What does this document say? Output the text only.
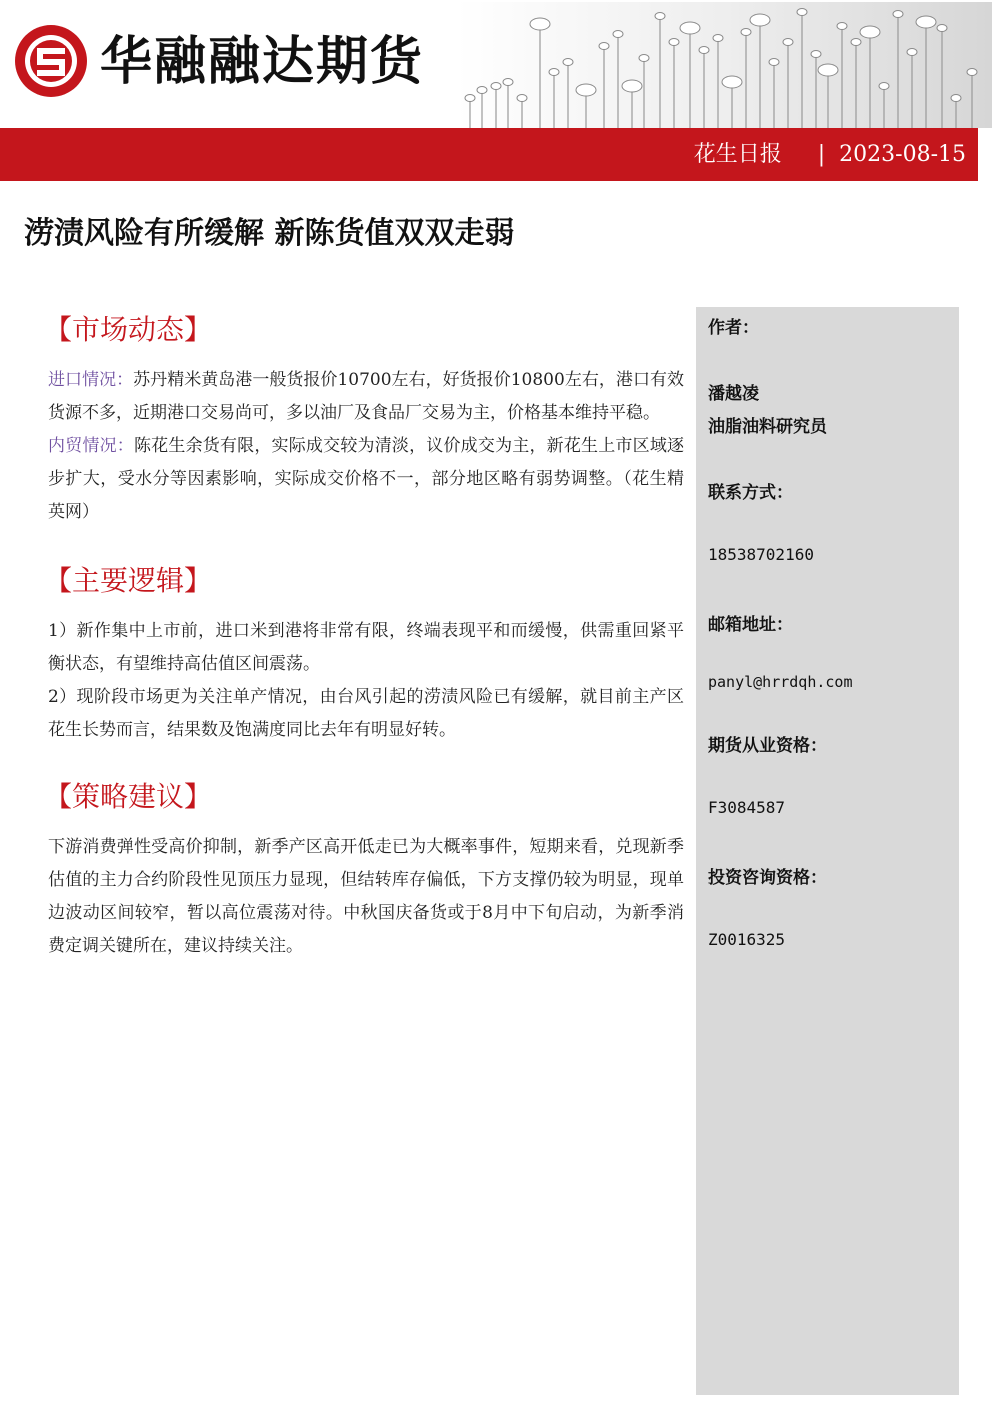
华融融达期货
花生日报 | 2023-08-15
涝渍风险有所缓解 新陈货值双双走弱
【市场动态】

进口情况：苏丹精米黄岛港一般货报价10700左右，好货报价10800左右，港口有效货源不多，近期港口交易尚可，多以油厂及食品厂交易为主，价格基本维持平稳。

内贸情况：陈花生余货有限，实际成交较为清淡，议价成交为主，新花生上市区域逐步扩大，受水分等因素影响，实际成交价格不一，部分地区略有弱势调整。（花生精英网）

【主要逻辑】

1）新作集中上市前，进口米到港将非常有限，终端表现平和而缓慢，供需重回紧平衡状态，有望维持高估值区间震荡。

2）现阶段市场更为关注单产情况，由台风引起的涝渍风险已有缓解，就目前主产区花生长势而言，结果数及饱满度同比去年有明显好转。

【策略建议】

下游消费弹性受高价抑制，新季产区高开低走已为大概率事件，短期来看，兑现新季估值的主力合约阶段性见顶压力显现，但结转库存偏低，下方支撑仍较为明显，现单边波动区间较窄，暂以高位震荡对待。中秋国庆备货或于8月中下旬启动，为新季消费定调关键所在，建议持续关注。

作者：
潘越凌
油脂油料研究员
联系方式：
18538702160
邮箱地址：
panyl@hrrdqh.com
期货从业资格：
F3084587
投资咨询资格：
Z0016325
